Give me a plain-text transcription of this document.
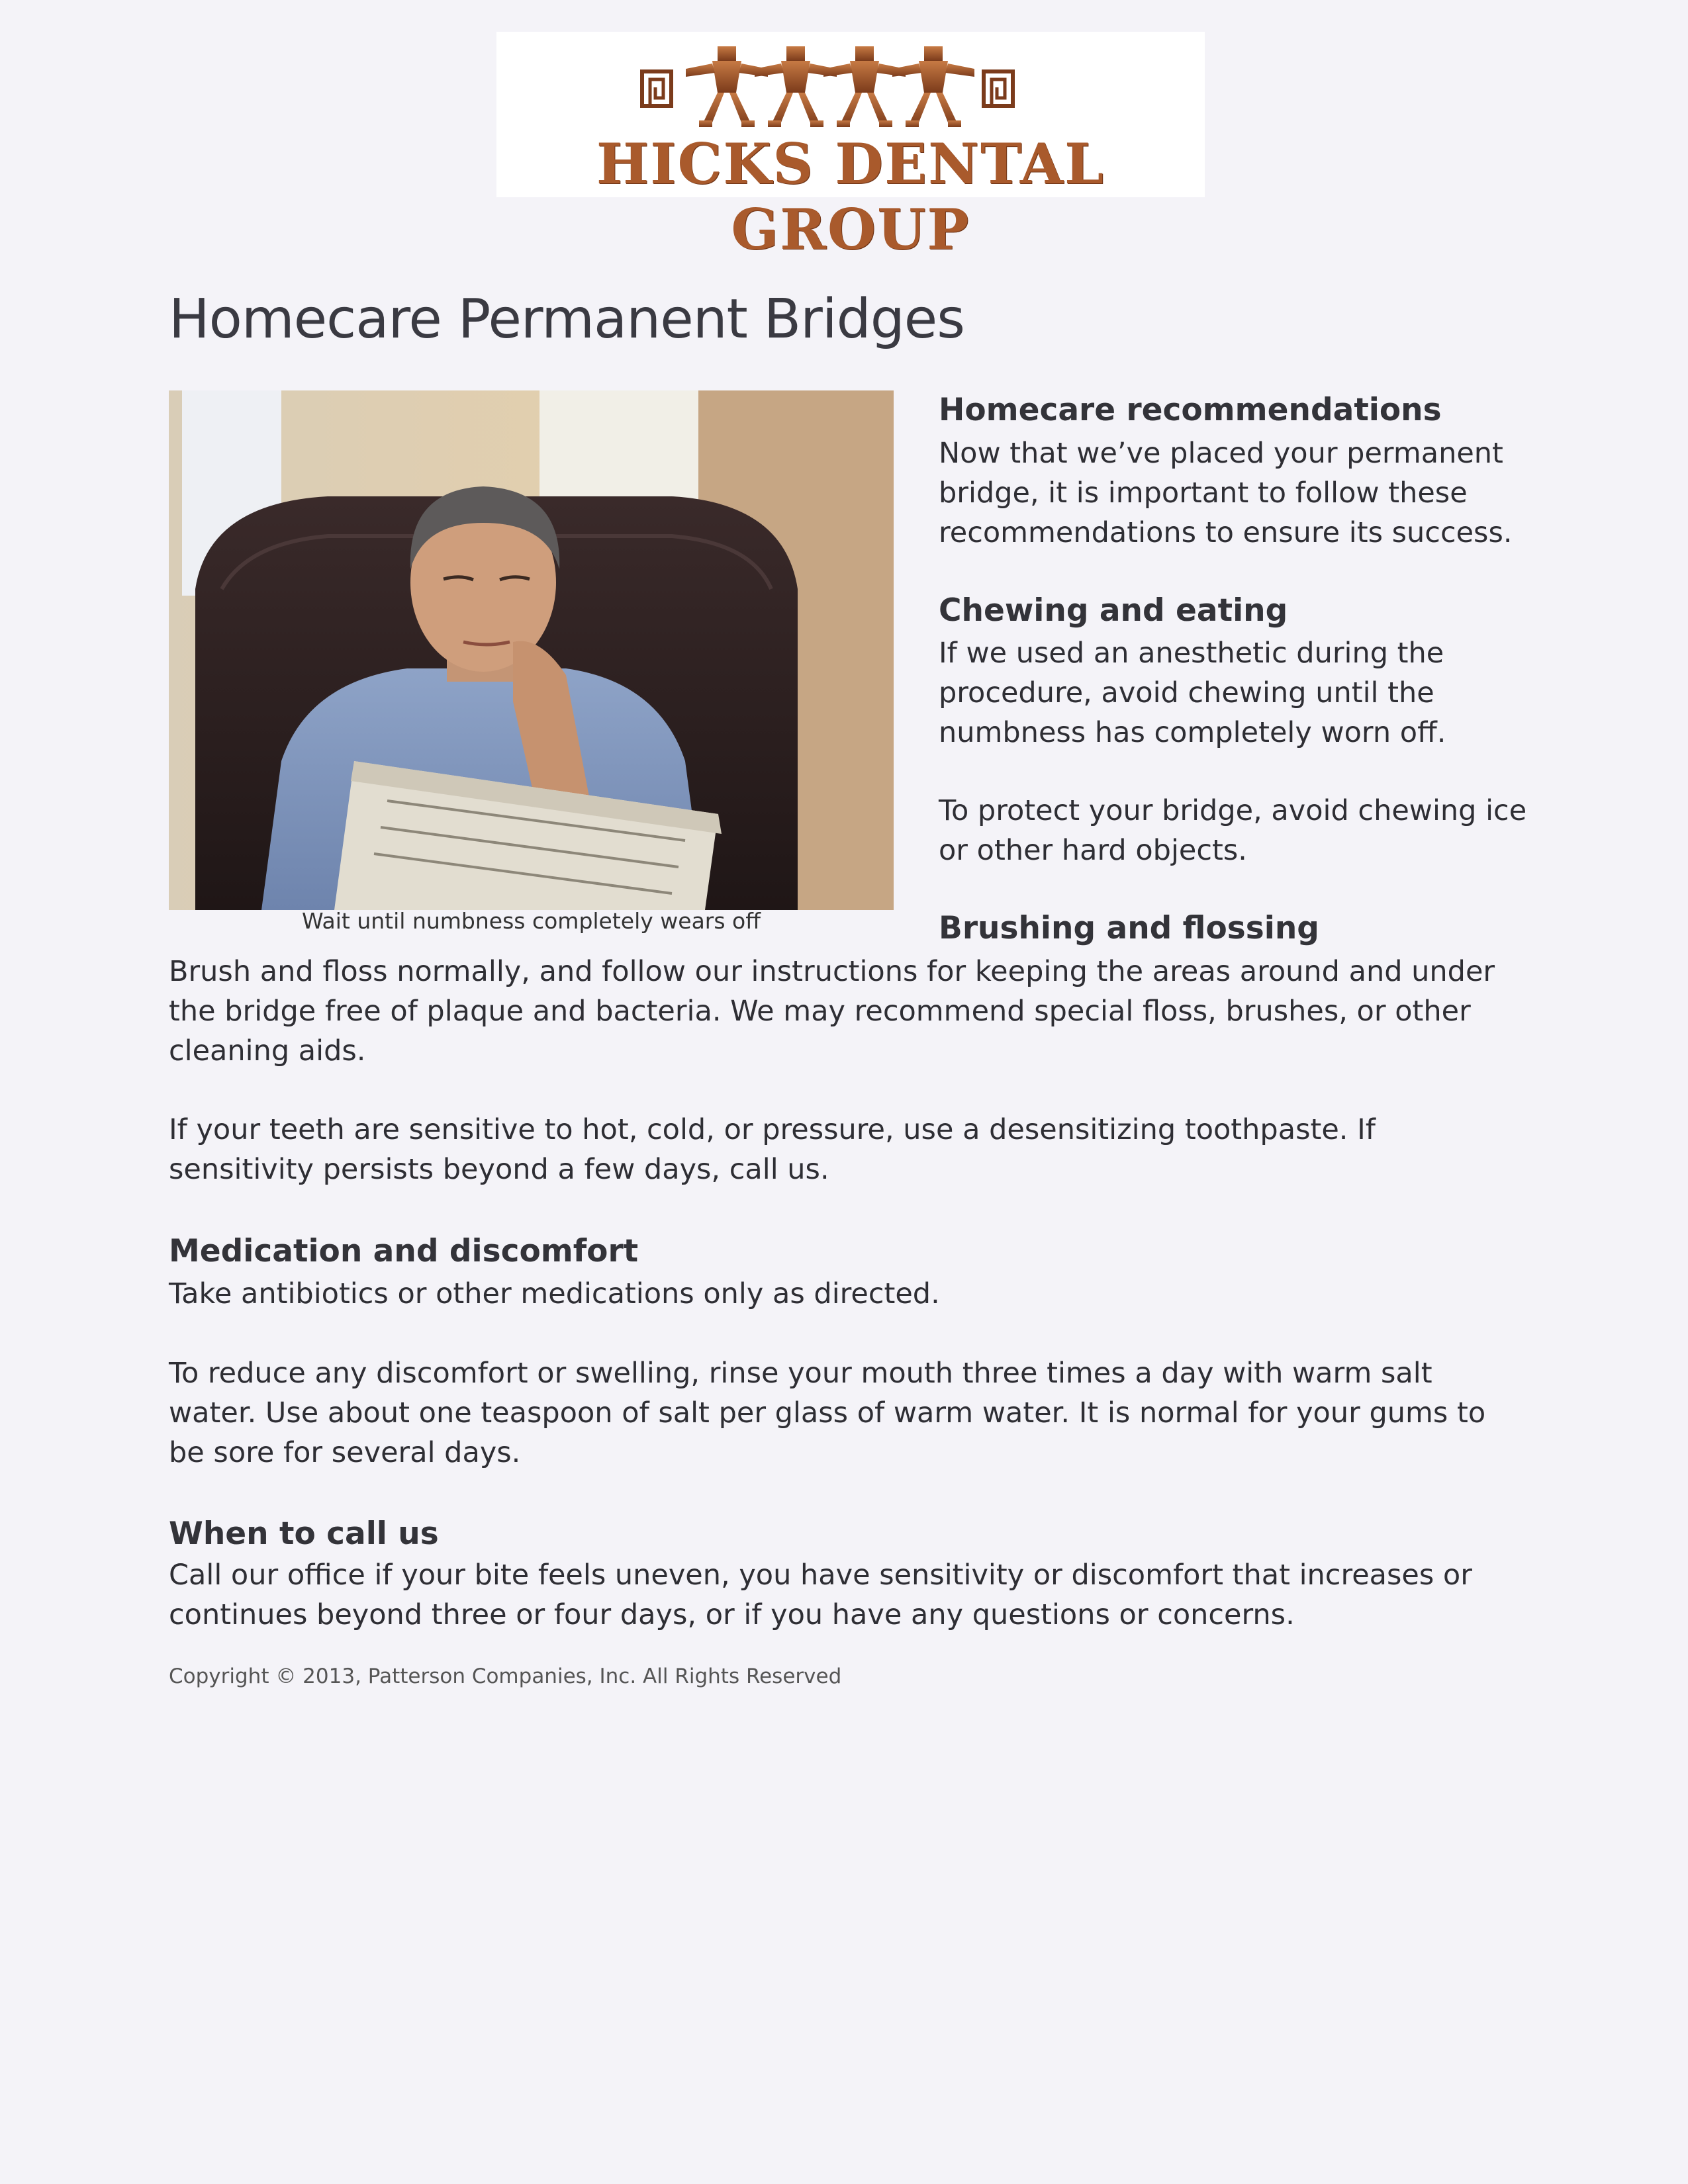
HICKS DENTAL GROUP
Homecare Permanent Bridges
Wait until numbness completely wears off
Homecare recommendations

Now that we’ve placed your permanent bridge, it is important to follow these recommendations to ensure its success.

Chewing and eating

If we used an anesthetic during the procedure, avoid chewing until the numbness has completely worn off.

To protect your bridge, avoid chewing ice or other hard objects.

Brushing and flossing

Brush and floss normally, and follow our instructions for keeping the areas around and under the bridge free of plaque and bacteria. We may recommend special floss, brushes, or other cleaning aids.

If your teeth are sensitive to hot, cold, or pressure, use a desensitizing toothpaste. If sensitivity persists beyond a few days, call us.

Medication and discomfort

Take antibiotics or other medications only as directed.

To reduce any discomfort or swelling, rinse your mouth three times a day with warm salt water. Use about one teaspoon of salt per glass of warm water. It is normal for your gums to be sore for several days.

When to call us

Call our office if your bite feels uneven, you have sensitivity or discomfort that increases or continues beyond three or four days, or if you have any questions or concerns.

Copyright © 2013, Patterson Companies, Inc. All Rights Reserved
